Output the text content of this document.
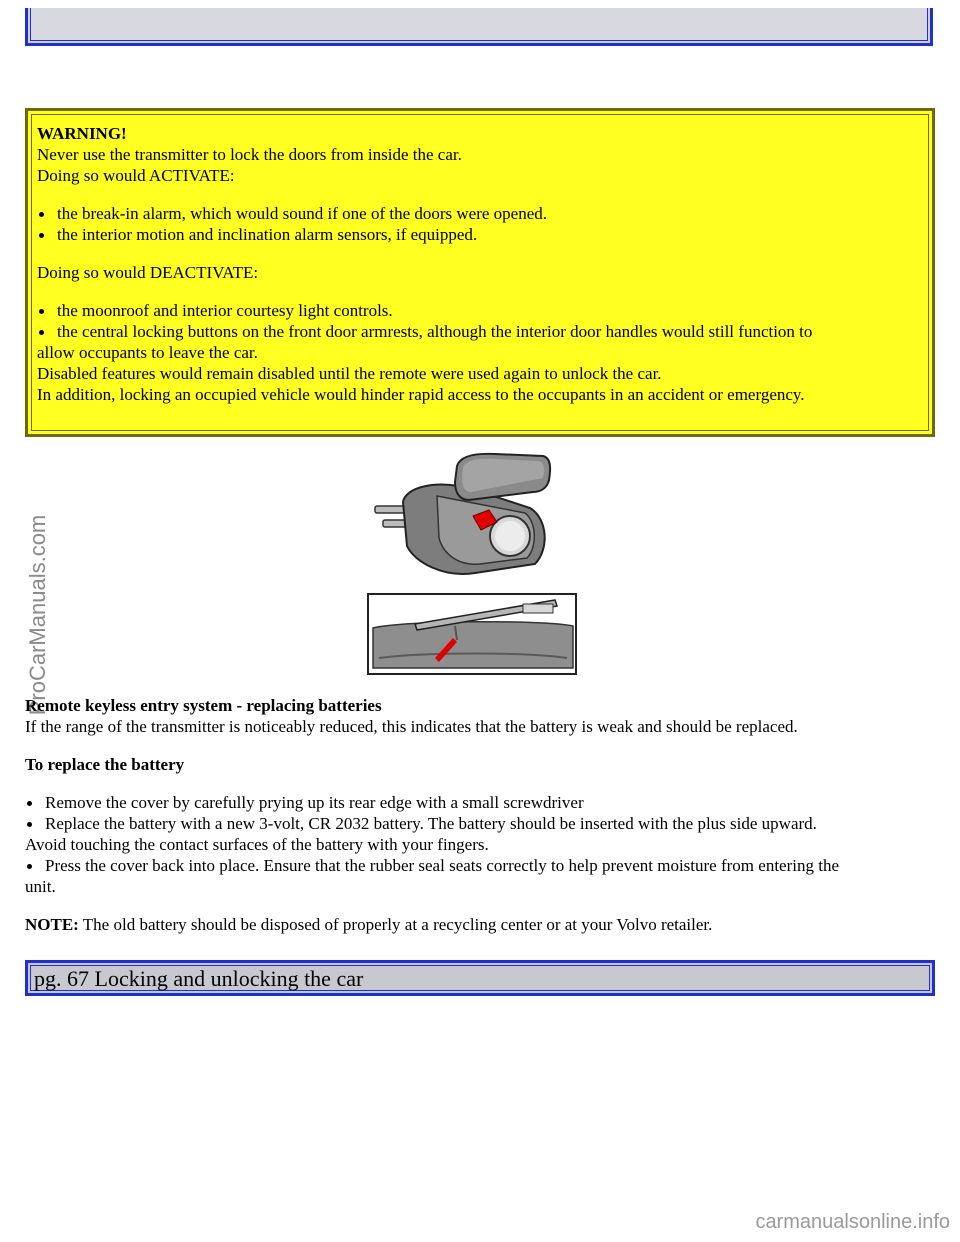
WARNING!

Never use the transmitter to lock the doors from inside the car.

Doing so would ACTIVATE:

the break-in alarm, which would sound if one of the doors were opened.
the interior motion and inclination alarm sensors, if equipped.

Doing so would DEACTIVATE:

the moonroof and interior courtesy light controls.
the central locking buttons on the front door armrests, although the interior door handles would still function to

allow occupants to leave the car.

Disabled features would remain disabled until the remote were used again to unlock the car.

In addition, locking an occupied vehicle would hinder rapid access to the occupants in an accident or emergency.

ProCarManuals.com

Remote keyless entry system - replacing batteries

If the range of the transmitter is noticeably reduced, this indicates that the battery is weak and should be replaced.

To replace the battery

Remove the cover by carefully prying up its rear edge with a small screwdriver
Replace the battery with a new 3-volt, CR 2032 battery. The battery should be inserted with the plus side upward.

Avoid touching the contact surfaces of the battery with your fingers.

Press the cover back into place. Ensure that the rubber seal seats correctly to help prevent moisture from entering the

unit.

NOTE: The old battery should be disposed of properly at a recycling center or at your Volvo retailer.

pg. 67 Locking and unlocking the car
carmanualsonline.info
